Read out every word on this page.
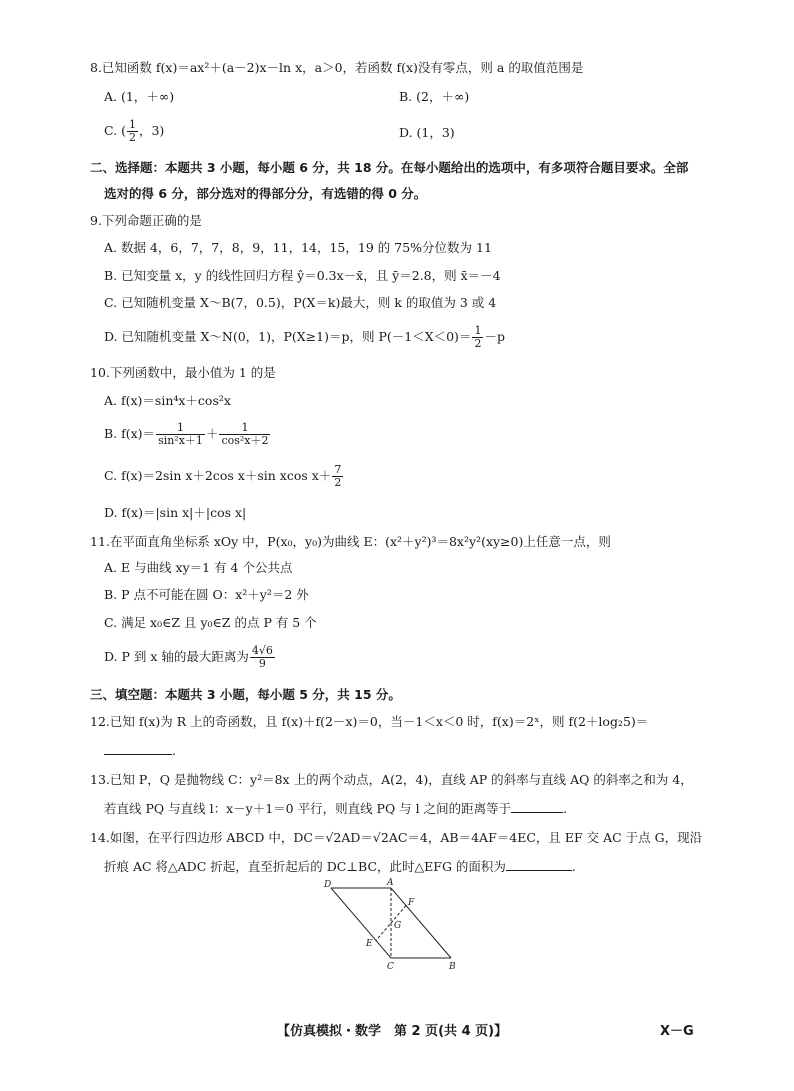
8.已知函数 f(x)＝ax²＋(a－2)x－ln x，a＞0，若函数 f(x)没有零点，则 a 的取值范围是
A. (1，＋∞)	B. (2，＋∞)
C. ( $\frac{1}{2}$ ，3)	D. (1，3)
二、选择题：本题共 3 小题，每小题 6 分，共 18 分。在每小题给出的选项中，有多项符合题目要求。全部
选对的得 6 分，部分选对的得部分分，有选错的得 0 分。
9.下列命题正确的是
A. 数据 4，6，7，7，8，9，11，14，15，19 的 75%分位数为 11
B. 已知变量 x，y 的线性回归方程 ŷ＝0.3x－x̄，且 ȳ＝2.8，则 x̄＝－4
C. 已知随机变量 X～B(7，0.5)，P(X＝k)最大，则 k 的取值为 3 或 4
D. 已知随机变量 X～N(0，1)，P(X≥1)＝p，则 $P(-1<X<0)= \frac{1}{2} -p$
10.下列函数中，最小值为 1 的是
A. f(x)＝sin⁴x＋cos²x
B. $f(x)= \frac{1}{\text{sin²x＋1}} + \frac{1}{\text{cos²x＋2}}$
C. f(x)＝2sin x＋2cos x＋sin xcos $x+ \frac{7}{2}$
D. f(x)＝|sin x|＋|cos x|
11.在平面直角坐标系 xOy 中，P(x₀，y₀)为曲线 E：(x²＋y²)³＝8x²y²(xy≥0)上任意一点，则
A. E 与曲线 xy＝1 有 4 个公共点
B. P 点不可能在圆 O：x²＋y²＝2 外
C. 满足 x₀∈Z 且 y₀∈Z 的点 P 有 5 个
D. P 到 x 轴的最大距离为 $\frac{4√6}{9}$
三、填空题：本题共 3 小题，每小题 5 分，共 15 分。
12.已知 f(x)为 R 上的奇函数，且 f(x)＋f(2－x)＝0，当－1＜x＜0 时，f(x)＝2ˣ，则 f(2＋log₂5)＝
.
13.已知 P，Q 是抛物线 C：y²＝8x 上的两个动点，A(2，4)，直线 AP 的斜率与直线 AQ 的斜率之和为 4，
若直线 PQ 与直线 l：x－y＋1＝0 平行，则直线 PQ 与 l 之间的距离等于	.
14.如图，在平行四边形 ABCD 中，DC＝√2AD＝√2AC＝4，AB＝4AF＝4EC，且 EF 交 AC 于点 G，现沿
折痕 AC 将△ADC 折起，直至折起后的 DC⊥BC，此时△EFG 的面积为	.
D	A
F
G
E
C	B
【仿真模拟・数学　第 2 页(共 4 页)】	X－G
